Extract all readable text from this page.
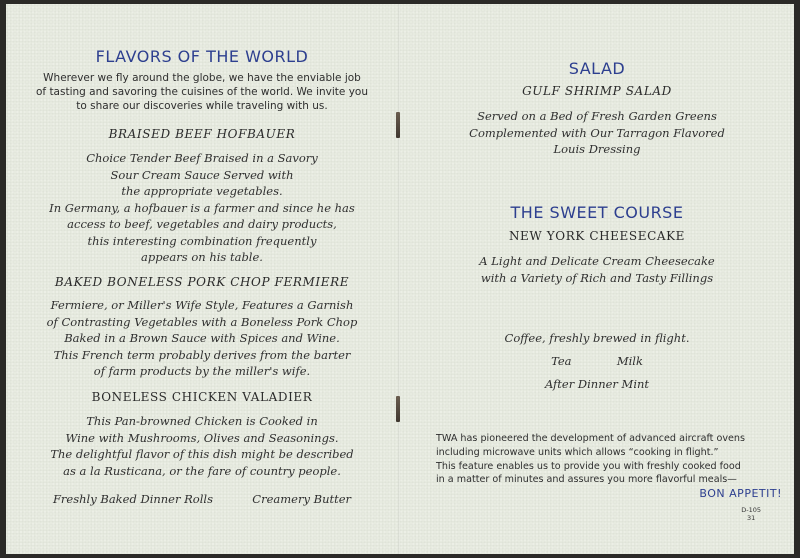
FLAVORS OF THE WORLD
Wherever we fly around the globe, we have the enviable job
of tasting and savoring the cuisines of the world. We invite you
to share our discoveries while traveling with us.
BRAISED BEEF HOFBAUER
Choice Tender Beef Braised in a Savory
Sour Cream Sauce Served with
the appropriate vegetables.
In Germany, a hofbauer is a farmer and since he has
access to beef, vegetables and dairy products,
this interesting combination frequently
appears on his table.
BAKED BONELESS PORK CHOP FERMIERE
Fermiere, or Miller's Wife Style, Features a Garnish
of Contrasting Vegetables with a Boneless Pork Chop
Baked in a Brown Sauce with Spices and Wine.
This French term probably derives from the barter
of farm products by the miller's wife.
BONELESS CHICKEN VALADIER
This Pan-browned Chicken is Cooked in
Wine with Mushrooms, Olives and Seasonings.
The delightful flavor of this dish might be described
as a la Rusticana, or the fare of country people.
Freshly Baked Dinner Rolls	Creamery Butter
SALAD
GULF SHRIMP SALAD
Served on a Bed of Fresh Garden Greens
Complemented with Our Tarragon Flavored
Louis Dressing
THE SWEET COURSE
NEW YORK CHEESECAKE
A Light and Delicate Cream Cheesecake
with a Variety of Rich and Tasty Fillings
Coffee, freshly brewed in flight.
Tea	Milk
After Dinner Mint
TWA has pioneered the development of advanced aircraft ovens
including microwave units which allows “cooking in flight.”
This feature enables us to provide you with freshly cooked food
in a matter of minutes and assures you more flavorful meals—
BON APPETIT!
D-105
31
